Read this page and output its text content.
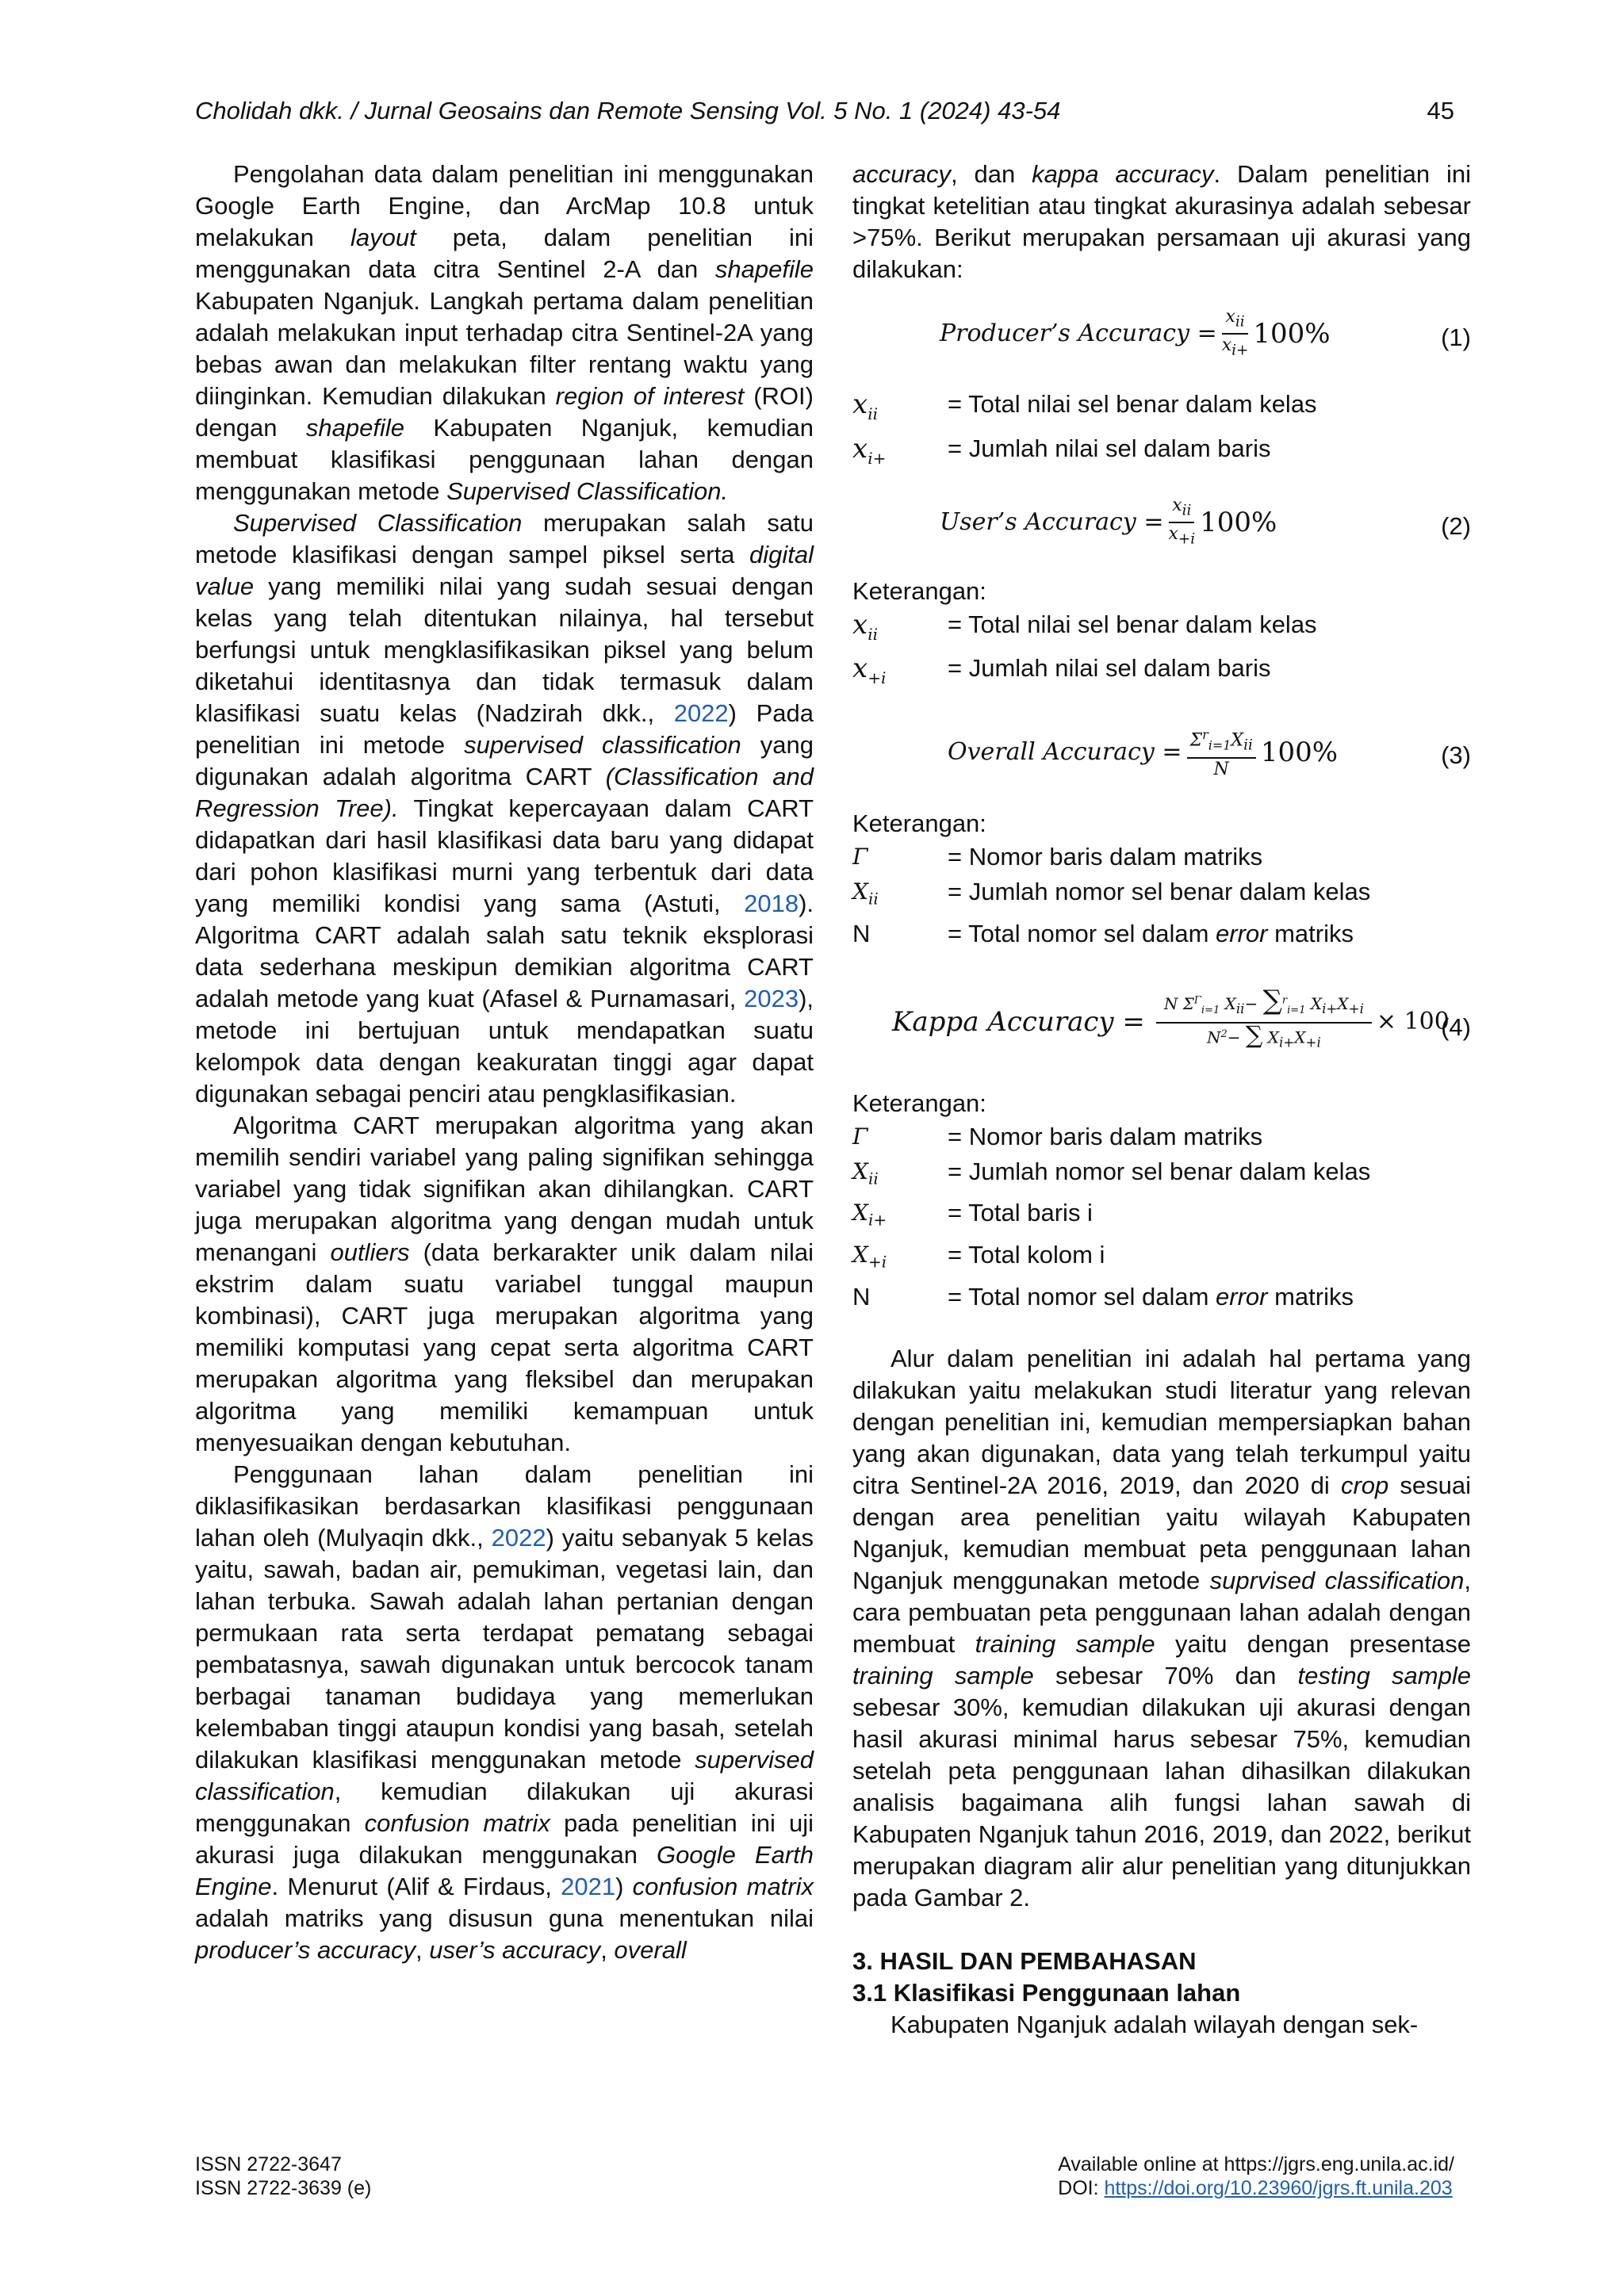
Cholidah dkk. / Jurnal Geosains dan Remote Sensing Vol. 5 No. 1 (2024) 43-54	45

Pengolahan data dalam penelitian ini menggunakan Google Earth Engine, dan ArcMap 10.8 untuk melakukan layout peta, dalam penelitian ini menggunakan data citra Sentinel 2-A dan shapefile Kabupaten Nganjuk. Langkah pertama dalam penelitian adalah melakukan input terhadap citra Sentinel-2A yang bebas awan dan melakukan filter rentang waktu yang diinginkan. Kemudian dilakukan region of interest (ROI) dengan shapefile Kabupaten Nganjuk, kemudian membuat klasifikasi penggunaan lahan dengan menggunakan metode Supervised Classification.

Supervised Classification merupakan salah satu metode klasifikasi dengan sampel piksel serta digital value yang memiliki nilai yang sudah sesuai dengan kelas yang telah ditentukan nilainya, hal tersebut berfungsi untuk mengklasifikasikan piksel yang belum diketahui identitasnya dan tidak termasuk dalam klasifikasi suatu kelas (Nadzirah dkk., 2022) Pada penelitian ini metode supervised classification yang digunakan adalah algoritma CART (Classification and Regression Tree). Tingkat kepercayaan dalam CART didapatkan dari hasil klasifikasi data baru yang didapat dari pohon klasifikasi murni yang terbentuk dari data yang memiliki kondisi yang sama (Astuti, 2018). Algoritma CART adalah salah satu teknik eksplorasi data sederhana meskipun demikian algoritma CART adalah metode yang kuat (Afasel & Purnamasari, 2023), metode ini bertujuan untuk mendapatkan suatu kelompok data dengan keakuratan tinggi agar dapat digunakan sebagai penciri atau pengklasifikasian.

Algoritma CART merupakan algoritma yang akan memilih sendiri variabel yang paling signifikan sehingga variabel yang tidak signifikan akan dihilangkan. CART juga merupakan algoritma yang dengan mudah untuk menangani outliers (data berkarakter unik dalam nilai ekstrim dalam suatu variabel tunggal maupun kombinasi), CART juga merupakan algoritma yang memiliki komputasi yang cepat serta algoritma CART merupakan algoritma yang fleksibel dan merupakan algoritma yang memiliki kemampuan untuk menyesuaikan dengan kebutuhan.

Penggunaan lahan dalam penelitian ini diklasifikasikan berdasarkan klasifikasi penggunaan lahan oleh (Mulyaqin dkk., 2022) yaitu sebanyak 5 kelas yaitu, sawah, badan air, pemukiman, vegetasi lain, dan lahan terbuka. Sawah adalah lahan pertanian dengan permukaan rata serta terdapat pematang sebagai pembatasnya, sawah digunakan untuk bercocok tanam berbagai tanaman budidaya yang memerlukan kelembaban tinggi ataupun kondisi yang basah, setelah dilakukan klasifikasi menggunakan metode supervised classification, kemudian dilakukan uji akurasi menggunakan confusion matrix pada penelitian ini uji akurasi juga dilakukan menggunakan Google Earth Engine. Menurut (Alif & Firdaus, 2021) confusion matrix adalah matriks yang disusun guna menentukan nilai producer’s accuracy, user’s accuracy, overall

accuracy, dan kappa accuracy. Dalam penelitian ini tingkat ketelitian atau tingkat akurasinya adalah sebesar >75%. Berikut merupakan persamaan uji akurasi yang dilakukan:

Producer’s Accuracy = $\frac{x_{ii}}{x_{i+}} 100\%$	(1)
$x_{ii}$	= Total nilai sel benar dalam kelas
$x_{i+}$	= Jumlah nilai sel dalam baris
User’s Accuracy = $\frac{x_{ii}}{x_{+i}} 100\%$	(2)
Keterangan:
$x_{ii}$	= Total nilai sel benar dalam kelas
$x_{+i}$	= Jumlah nilai sel dalam baris
Overall Accuracy = $\frac{\Sigma^r_{i=1}X_{ii}}{N} 100\%$	(3)
Keterangan:
Γ	= Nomor baris dalam matriks
$X_{ii}$	= Jumlah nomor sel benar dalam kelas
N	= Total nomor sel dalam error matriks
Kappa Accuracy = $\frac{N \Sigma^\Gamma_{i=1} X_{ii}- \sum^r_{i=1} X_{i+}X_{+i}}{N^2- \sum X_{i+}X_{+i}} \times 100$
(4)
Keterangan:
Γ	= Nomor baris dalam matriks
$X_{ii}$	= Jumlah nomor sel benar dalam kelas
$X_{i+}$	= Total baris i
$X_{+i}$	= Total kolom i
N	= Total nomor sel dalam error matriks

Alur dalam penelitian ini adalah hal pertama yang dilakukan yaitu melakukan studi literatur yang relevan dengan penelitian ini, kemudian mempersiapkan bahan yang akan digunakan, data yang telah terkumpul yaitu citra Sentinel-2A 2016, 2019, dan 2020 di crop sesuai dengan area penelitian yaitu wilayah Kabupaten Nganjuk, kemudian membuat peta penggunaan lahan Nganjuk menggunakan metode suprvised classification, cara pembuatan peta penggunaan lahan adalah dengan membuat training sample yaitu dengan presentase training sample sebesar 70% dan testing sample sebesar 30%, kemudian dilakukan uji akurasi dengan hasil akurasi minimal harus sebesar 75%, kemudian setelah peta penggunaan lahan dihasilkan dilakukan analisis bagaimana alih fungsi lahan sawah di Kabupaten Nganjuk tahun 2016, 2019, dan 2022, berikut merupakan diagram alir alur penelitian yang ditunjukkan pada Gambar 2.

3. HASIL DAN PEMBAHASAN
3.1 Klasifikasi Penggunaan lahan

Kabupaten Nganjuk adalah wilayah dengan sek-

ISSN 2722-3647
ISSN 2722-3639 (e)
Available online at https://jgrs.eng.unila.ac.id/
DOI: https://doi.org/10.23960/jgrs.ft.unila.203
